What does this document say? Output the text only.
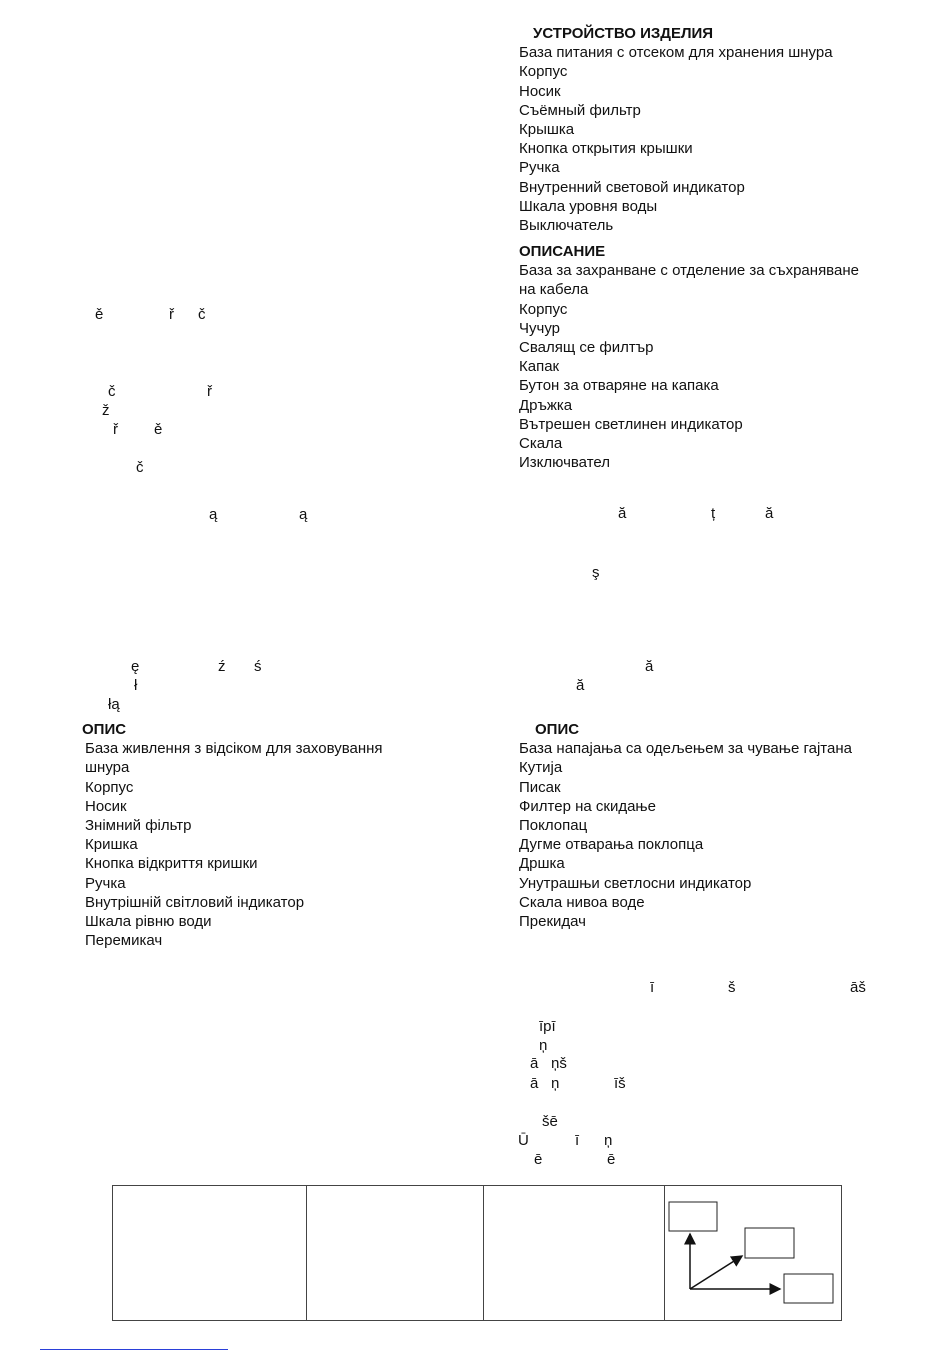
УСТРОЙСТВО ИЗДЕЛИЯ
База питания с отсеком для хранения шнура
Корпус
Носик
Съёмный фильтр
Крышка
Кнопка открытия крышки
Ручка
Внутренний световой индикатор
Шкала уровня воды
Выключатель
ОПИСАНИЕ
База за захранване с отделение за съхраняване
на кабела
Корпус
Чучур
Свалящ се филтър
Капак
Бутон за отваряне на капака
Дръжка
Вътрешен светлинен индикатор
Скала
Изключвател
ОПИС
База живлення з відсіком для заховування
шнура
Корпус
Носик
Знімний фільтр
Кришка
Кнопка відкриття кришки
Ручка
Внутрішній світловий індикатор
Шкала рівню води
Перемикач
ОПИС
База напајања са одељењем за чување гајтана
Кутија
Писак
Филтер на скидање
Поклопац
Дугме отварања поклопца
Дршка
Унутрашњи светлосни индикатор
Скала нивоа воде
Прекидач
ě	ř č
č	ř
ž
ř ě
č
ą	ą
ę	ź ś
ł
łą
ă	ț	ă
ş
ă
ă
ī	š	āš
īpī
ņ
ā ņš
ā ņ	īš
šē
Ū	ī ņ
ē	ē
